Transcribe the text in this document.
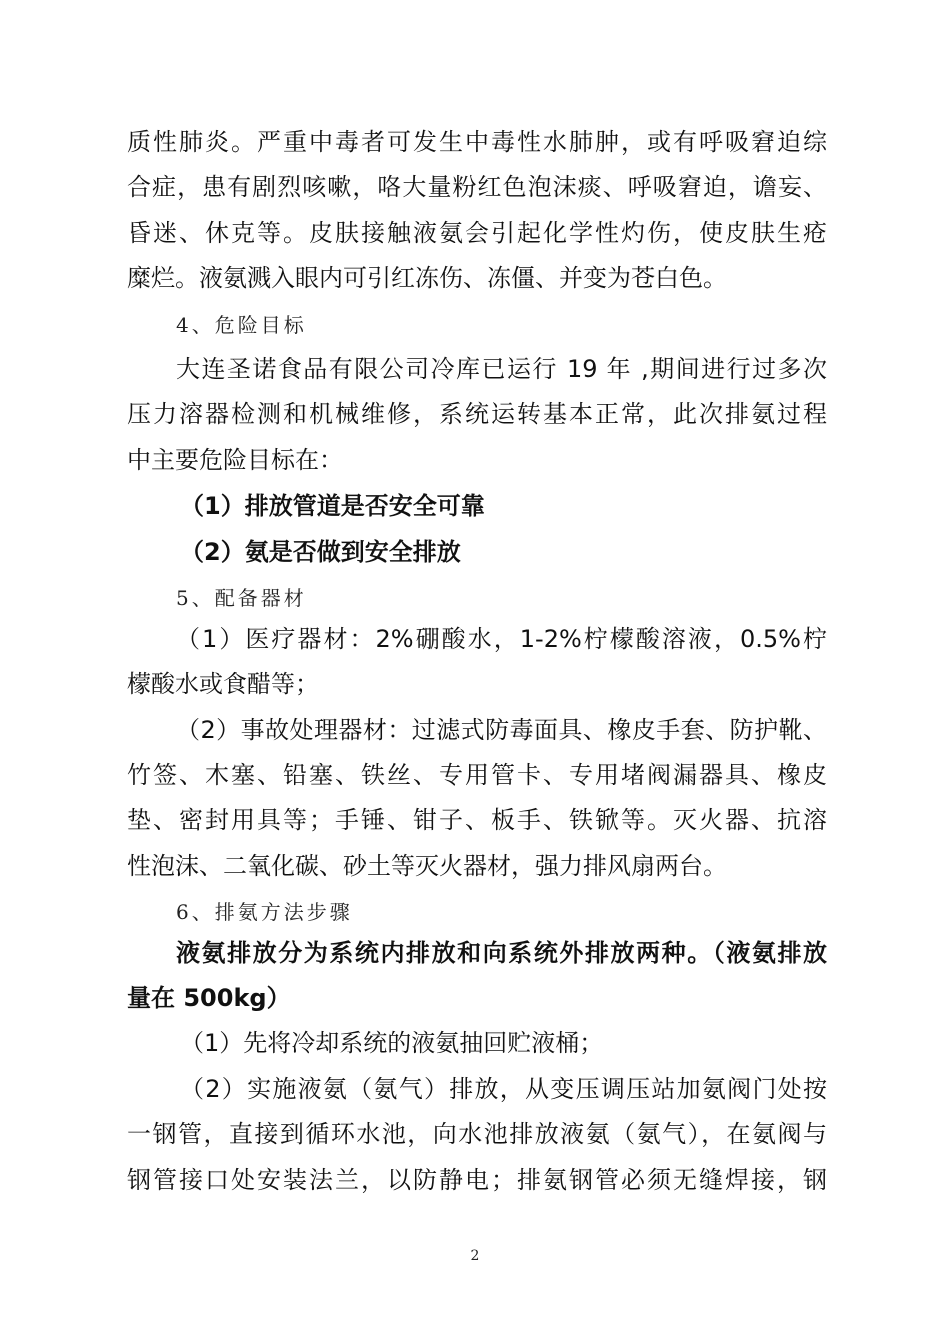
质性肺炎。严重中毒者可发生中毒性水肺肿，或有呼吸窘迫综
合症，患有剧烈咳嗽，咯大量粉红色泡沫痰、呼吸窘迫，谵妄、
昏迷、休克等。皮肤接触液氨会引起化学性灼伤，使皮肤生疮
糜烂。液氨溅入眼内可引红冻伤、冻僵、并变为苍白色。
4、危险目标
大连圣诺食品有限公司冷库已运行 19 年 ,期间进行过多次
压力溶器检测和机械维修，系统运转基本正常，此次排氨过程
中主要危险目标在：
（1）排放管道是否安全可靠
（2）氨是否做到安全排放
5、配备器材
（1）医疗器材：2%硼酸水，1-2%柠檬酸溶液，0.5%柠
檬酸水或食醋等；
（2）事故处理器材：过滤式防毒面具、橡皮手套、防护靴、
竹签、木塞、铅塞、铁丝、专用管卡、专用堵阀漏器具、橡皮
垫、密封用具等；手锤、钳子、板手、铁锨等。灭火器、抗溶
性泡沫、二氧化碳、砂土等灭火器材，强力排风扇两台。
6、排氨方法步骤
液氨排放分为系统内排放和向系统外排放两种。（液氨排放
量在 500kg）
（1）先将冷却系统的液氨抽回贮液桶；
（2）实施液氨（氨气）排放，从变压调压站加氨阀门处按
一钢管，直接到循环水池，向水池排放液氨（氨气），在氨阀与
钢管接口处安装法兰，以防静电；排氨钢管必须无缝焊接，钢
2
